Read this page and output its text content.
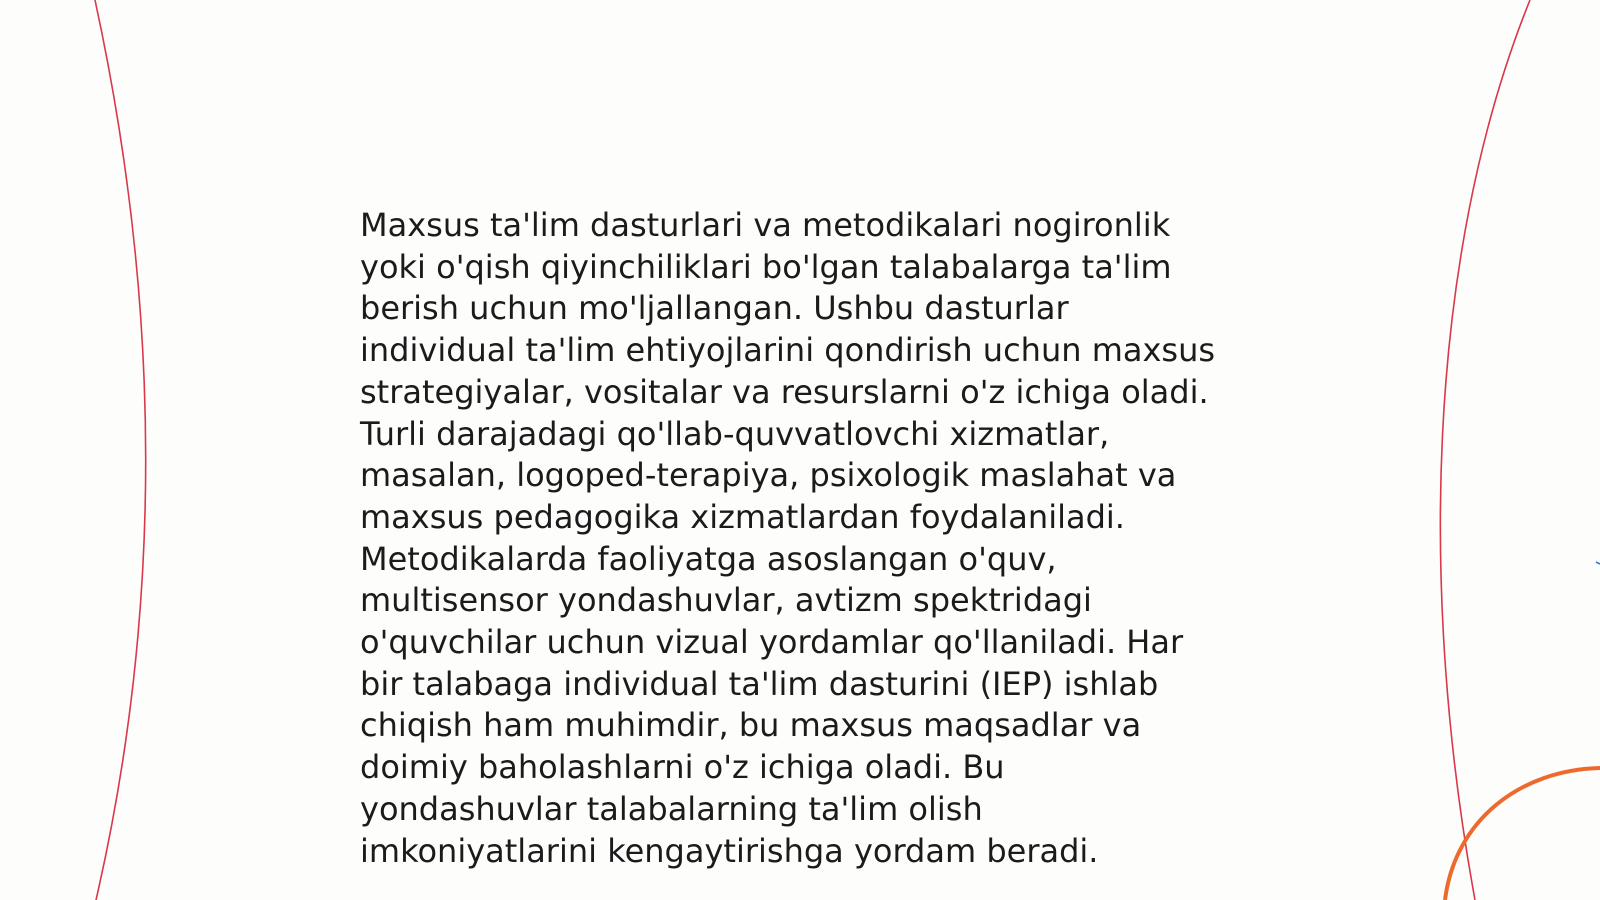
Maxsus ta'lim dasturlari va metodikalari nogironlik
yoki o'qish qiyinchiliklari bo'lgan talabalarga ta'lim
berish uchun mo'ljallangan. Ushbu dasturlar
individual ta'lim ehtiyojlarini qondirish uchun maxsus
strategiyalar, vositalar va resurslarni o'z ichiga oladi.
Turli darajadagi qo'llab-quvvatlovchi xizmatlar,
masalan, logoped-terapiya, psixologik maslahat va
maxsus pedagogika xizmatlardan foydalaniladi.
Metodikalarda faoliyatga asoslangan o'quv,
multisensor yondashuvlar, avtizm spektridagi
o'quvchilar uchun vizual yordamlar qo'llaniladi. Har
bir talabaga individual ta'lim dasturini (IEP) ishlab
chiqish ham muhimdir, bu maxsus maqsadlar va
doimiy baholashlarni o'z ichiga oladi. Bu
yondashuvlar talabalarning ta'lim olish
imkoniyatlarini kengaytirishga yordam beradi.
